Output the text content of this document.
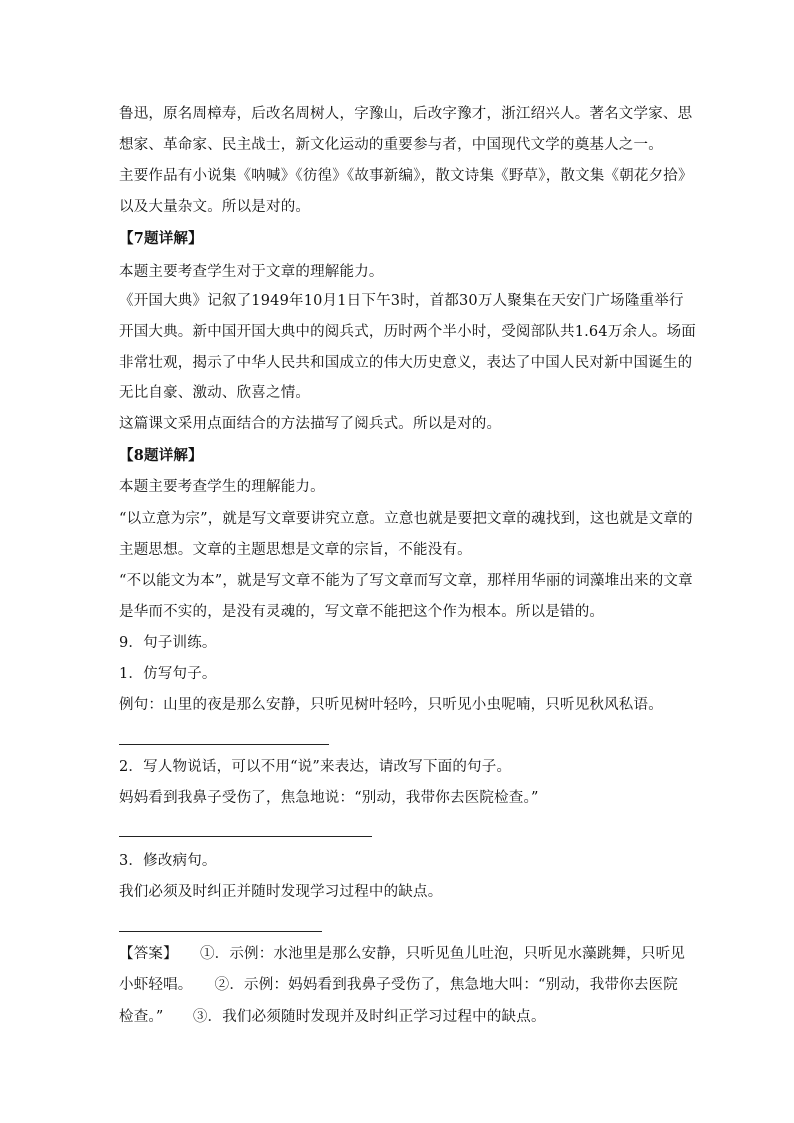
鲁迅，原名周樟寿，后改名周树人，字豫山，后改字豫才，浙江绍兴人。著名文学家、思
想家、革命家、民主战士，新文化运动的重要参与者，中国现代文学的奠基人之一。
主要作品有小说集《呐喊》《彷徨》《故事新编》，散文诗集《野草》，散文集《朝花夕拾》
以及大量杂文。所以是对的。
【7题详解】
本题主要考查学生对于文章的理解能力。
《开国大典》记叙了1949年10月1日下午3时，首都30万人聚集在天安门广场隆重举行
开国大典。新中国开国大典中的阅兵式，历时两个半小时，受阅部队共1.64万余人。场面
非常壮观，揭示了中华人民共和国成立的伟大历史意义，表达了中国人民对新中国诞生的
无比自豪、激动、欣喜之情。
这篇课文采用点面结合的方法描写了阅兵式。所以是对的。
【8题详解】
本题主要考查学生的理解能力。
“以立意为宗”，就是写文章要讲究立意。立意也就是要把文章的魂找到，这也就是文章的
主题思想。文章的主题思想是文章的宗旨，不能没有。
“不以能文为本”，就是写文章不能为了写文章而写文章，那样用华丽的词藻堆出来的文章
是华而不实的，是没有灵魂的，写文章不能把这个作为根本。所以是错的。
9．句子训练。
1．仿写句子。
例句：山里的夜是那么安静，只听见树叶轻吟，只听见小虫呢喃，只听见秋风私语。
2．写人物说话，可以不用“说”来表达，请改写下面的句子。
妈妈看到我鼻子受伤了，焦急地说：“别动，我带你去医院检查。”
3．修改病句。
我们必须及时纠正并随时发现学习过程中的缺点。
【答案】　　①．示例：水池里是那么安静，只听见鱼儿吐泡，只听见水藻跳舞，只听见
小虾轻唱。　　②．示例：妈妈看到我鼻子受伤了，焦急地大叫：“别动，我带你去医院
检查。”　　③．我们必须随时发现并及时纠正学习过程中的缺点。
